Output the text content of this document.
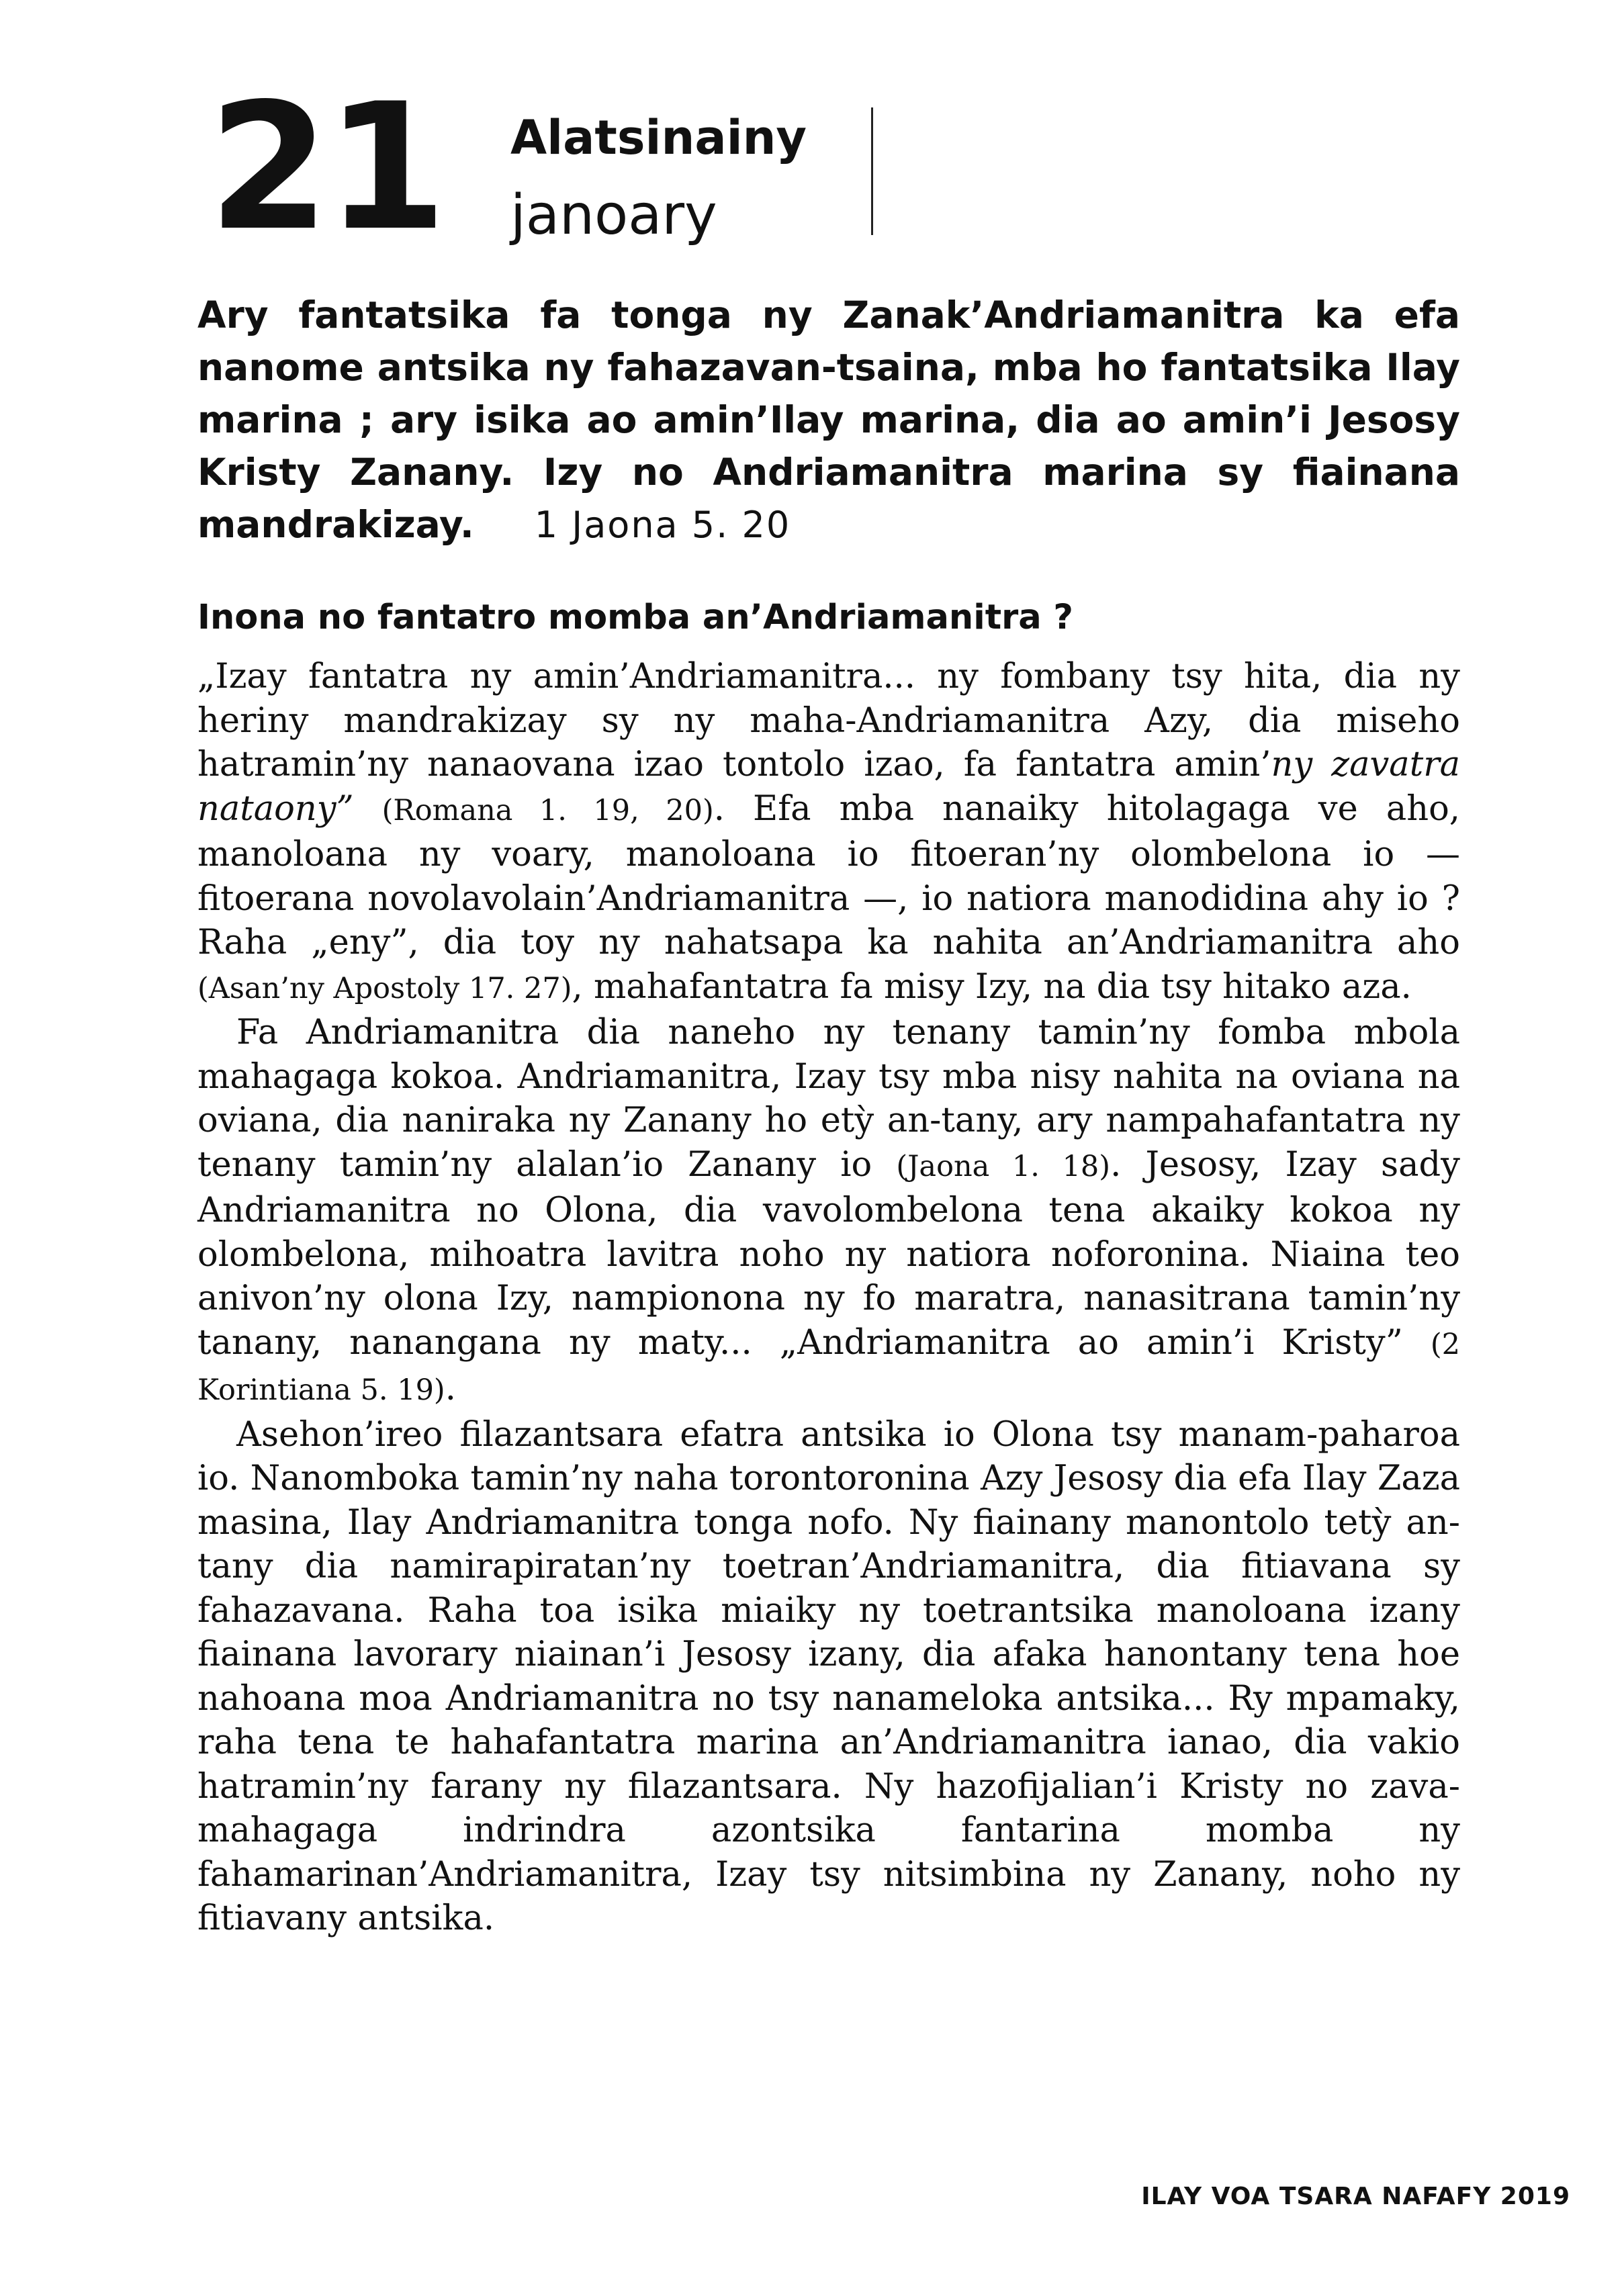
21 Alatsinainy
janoary
Ary fantatsika fa tonga ny Zanak’Andriamanitra ka efa nanome antsika ny fahazavan-tsaina, mba ho fantatsika Ilay marina ; ary isika ao amin’Ilay marina, dia ao amin’i Jesosy Kristy Zanany. Izy no Andriamanitra marina sy fiainana mandrakizay. 1 Jaona 5. 20
Inona no fantatro momba an’Andriamanitra ?

„Izay fantatra ny amin’Andriamanitra... ny fombany tsy hita, dia ny heriny mandrakizay sy ny maha-Andriamanitra Azy, dia miseho hatramin’ny nanaovana izao tontolo izao, fa fantatra amin’ny zavatra nataony” (Romana 1. 19, 20). Efa mba nanaiky hitolagaga ve aho, manoloana ny voary, manoloana io fitoeran’ny olombelona io — fitoerana novolavolain’Andriamanitra —, io natiora manodidina ahy io ? Raha „eny”, dia toy ny nahatsapa ka nahita an’Andriamanitra aho (Asan’ny Apostoly 17. 27), mahafantatra fa misy Izy, na dia tsy hitako aza.

Fa Andriamanitra dia naneho ny tenany tamin’ny fomba mbola mahagaga kokoa. Andriamanitra, Izay tsy mba nisy nahita na oviana na oviana, dia naniraka ny Zanany ho etỳ an-tany, ary nampahafantatra ny tenany tamin’ny alalan’io Zanany io (Jaona 1. 18). Jesosy, Izay sady Andriamanitra no Olona, dia vavolombelona tena akaiky kokoa ny olombelona, mihoatra lavitra noho ny natiora noforonina. Niaina teo anivon’ny olona Izy, nampionona ny fo maratra, nanasitrana tamin’ny tanany, nanangana ny maty... „Andriamanitra ao amin’i Kristy” (2 Korintiana 5. 19).

Asehon’ireo filazantsara efatra antsika io Olona tsy manam-paharoa io. Nanomboka tamin’ny naha torontoronina Azy Jesosy dia efa Ilay Zaza masina, Ilay Andriamanitra tonga nofo. Ny fiainany manontolo tetỳ an-tany dia namirapiratan’ny toetran’Andriamanitra, dia fitiavana sy fahazavana. Raha toa isika miaiky ny toetrantsika manoloana izany fiainana lavorary niainan’i Jesosy izany, dia afaka hanontany tena hoe nahoana moa Andriamanitra no tsy nanameloka antsika... Ry mpamaky, raha tena te hahafantatra marina an’Andriamanitra ianao, dia vakio hatramin’ny farany ny filazantsara. Ny hazofijalian’i Kristy no zava-mahagaga indrindra azontsika fantarina momba ny fahamarinan’Andriamanitra, Izay tsy nitsimbina ny Zanany, noho ny fitiavany antsika.

ILAY VOA TSARA NAFAFY 2019
